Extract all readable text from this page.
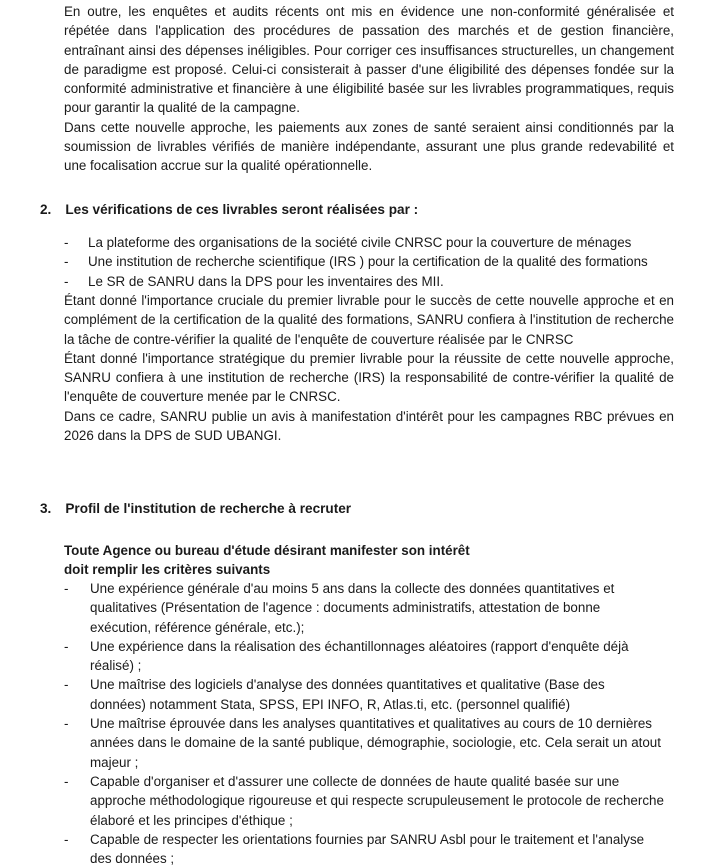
En outre, les enquêtes et audits récents ont mis en évidence une non-conformité généralisée et répétée dans l'application des procédures de passation des marchés et de gestion financière, entraînant ainsi des dépenses inéligibles. Pour corriger ces insuffisances structurelles, un changement de paradigme est proposé. Celui-ci consisterait à passer d'une éligibilité des dépenses fondée sur la conformité administrative et financière à une éligibilité basée sur les livrables programmatiques, requis pour garantir la qualité de la campagne.
Dans cette nouvelle approche, les paiements aux zones de santé seraient ainsi conditionnés par la soumission de livrables vérifiés de manière indépendante, assurant une plus grande redevabilité et une focalisation accrue sur la qualité opérationnelle.
2. Les vérifications de ces livrables seront réalisées par :
-	La plateforme des organisations de la société civile CNRSC pour la couverture de ménages
-	Une institution de recherche scientifique (IRS ) pour la certification de la qualité des formations
-	Le SR de SANRU dans la DPS pour les inventaires des MII.
Étant donné l'importance cruciale du premier livrable pour le succès de cette nouvelle approche et en complément de la certification de la qualité des formations, SANRU confiera à l'institution de recherche la tâche de contre-vérifier la qualité de l'enquête de couverture réalisée par le CNRSC
Étant donné l'importance stratégique du premier livrable pour la réussite de cette nouvelle approche, SANRU confiera à une institution de recherche (IRS) la responsabilité de contre-vérifier la qualité de l'enquête de couverture menée par le CNRSC.
Dans ce cadre, SANRU publie un avis à manifestation d'intérêt pour les campagnes RBC prévues en 2026 dans la DPS de SUD UBANGI.
3. Profil de l'institution de recherche à recruter

Toute Agence ou bureau d'étude désirant manifester son intérêt doit remplir les critères suivants

-	Une expérience générale d'au moins 5 ans dans la collecte des données quantitatives et qualitatives (Présentation de l'agence : documents administratifs, attestation de bonne exécution, référence générale, etc.);
-	Une expérience dans la réalisation des échantillonnages aléatoires (rapport d'enquête déjà réalisé) ;
-	Une maîtrise des logiciels d'analyse des données quantitatives et qualitative (Base des données) notamment Stata, SPSS, EPI INFO, R, Atlas.ti, etc. (personnel qualifié)
-	Une maîtrise éprouvée dans les analyses quantitatives et qualitatives au cours de 10 dernières années dans le domaine de la santé publique, démographie, sociologie, etc. Cela serait un atout majeur ;
-	Capable d'organiser et d'assurer une collecte de données de haute qualité basée sur une approche méthodologique rigoureuse et qui respecte scrupuleusement le protocole de recherche élaboré et les principes d'éthique ;
-	Capable de respecter les orientations fournies par SANRU Asbl pour le traitement et l'analyse des données ;
